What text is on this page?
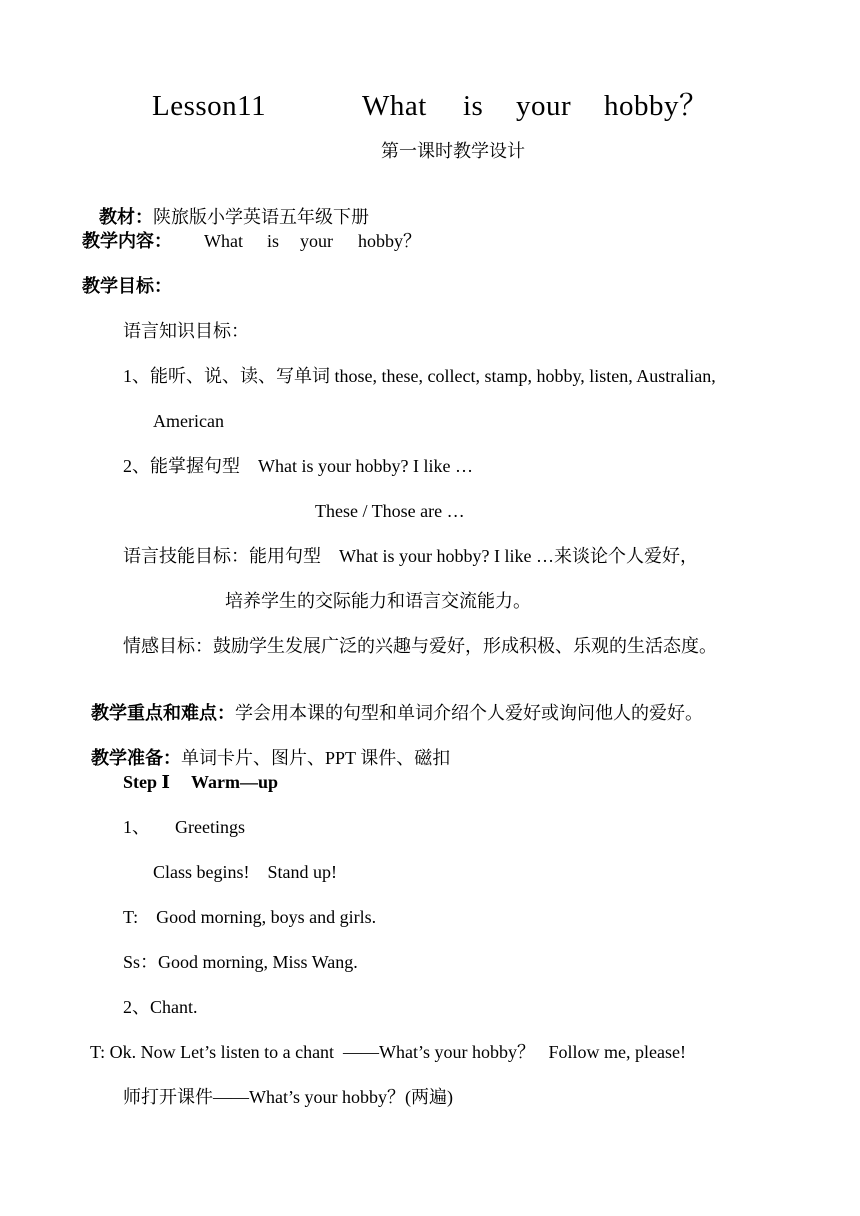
Lesson11	What is your hobby？
第一课时教学设计

教材：陕旅版小学英语五年级下册

教学内容： What is your hobby？
教学目标：
语言知识目标：
1、能听、说、读、写单词 those, these, collect, stamp, hobby, listen, Australian,
American
2、能掌握句型    What is your hobby? I like …
These / Those are …
语言技能目标：能用句型    What is your hobby? I like …来谈论个人爱好，
培养学生的交际能力和语言交流能力。
情感目标：鼓励学生发展广泛的兴趣与爱好，形成积极、乐观的生活态度。

教学重点和难点：学会用本课的句型和单词介绍个人爱好或询问他人的爱好。

教学准备：单词卡片、图片、PPT 课件、磁扣

Step Ⅰ Warm—up
1、 Greetings
Class begins!    Stand up!
T:    Good morning, boys and girls.
Ss：Good morning, Miss Wang.
2、Chant.
T: Ok. Now Let’s listen to a chant  ——What’s your hobby？   Follow me, please!
师打开课件——What’s your hobby？(两遍)
